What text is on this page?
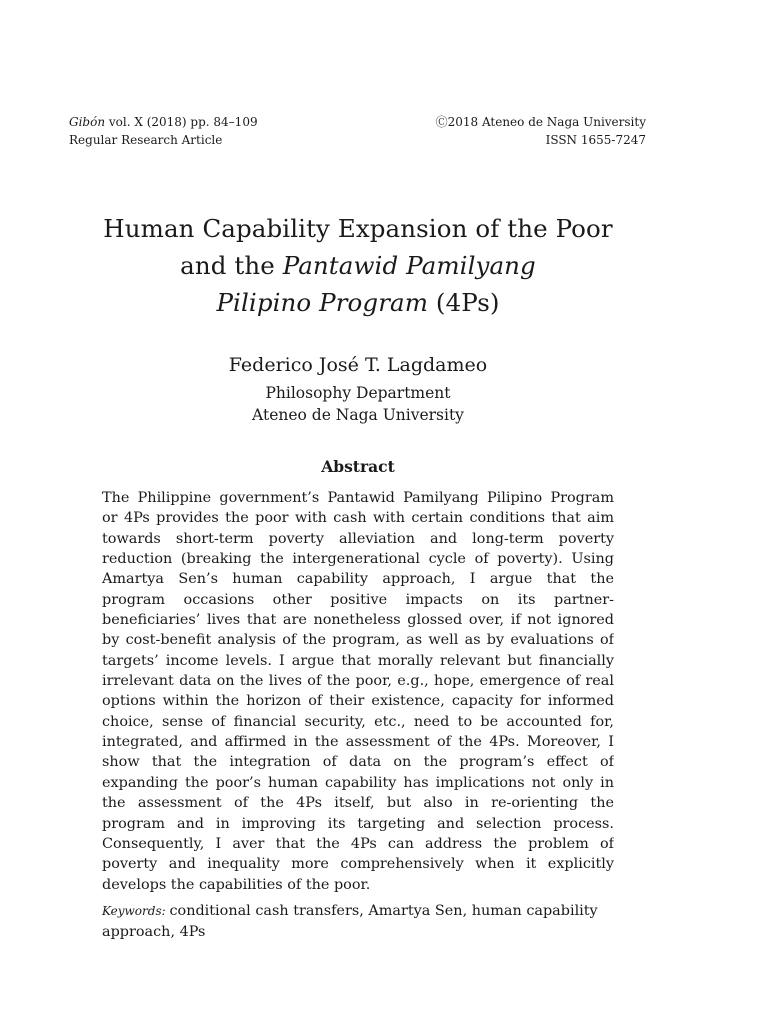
Gibón vol. X (2018) pp. 84–109
Regular Research Article
Ⓒ2018 Ateneo de Naga University
ISSN 1655-7247
Human Capability Expansion of the Poor
and the Pantawid Pamilyang
Pilipino Program (4Ps)
Federico José T. Lagdameo
Philosophy Department
Ateneo de Naga University
Abstract
The Philippine government’s Pantawid Pamilyang Pilipino Program
or 4Ps provides the poor with cash with certain conditions that aim
towards short-term poverty alleviation and long-term poverty
reduction (breaking the intergenerational cycle of poverty). Using
Amartya Sen’s human capability approach, I argue that the
program occasions other positive impacts on its partner-
beneficiaries’ lives that are nonetheless glossed over, if not ignored
by cost-benefit analysis of the program, as well as by evaluations of
targets’ income levels. I argue that morally relevant but financially
irrelevant data on the lives of the poor, e.g., hope, emergence of real
options within the horizon of their existence, capacity for informed
choice, sense of financial security, etc., need to be accounted for,
integrated, and affirmed in the assessment of the 4Ps. Moreover, I
show that the integration of data on the program’s effect of
expanding the poor’s human capability has implications not only in
the assessment of the 4Ps itself, but also in re-orienting the
program and in improving its targeting and selection process.
Consequently, I aver that the 4Ps can address the problem of
poverty and inequality more comprehensively when it explicitly
develops the capabilities of the poor.
Keywords: conditional cash transfers, Amartya Sen, human capability
approach, 4Ps
